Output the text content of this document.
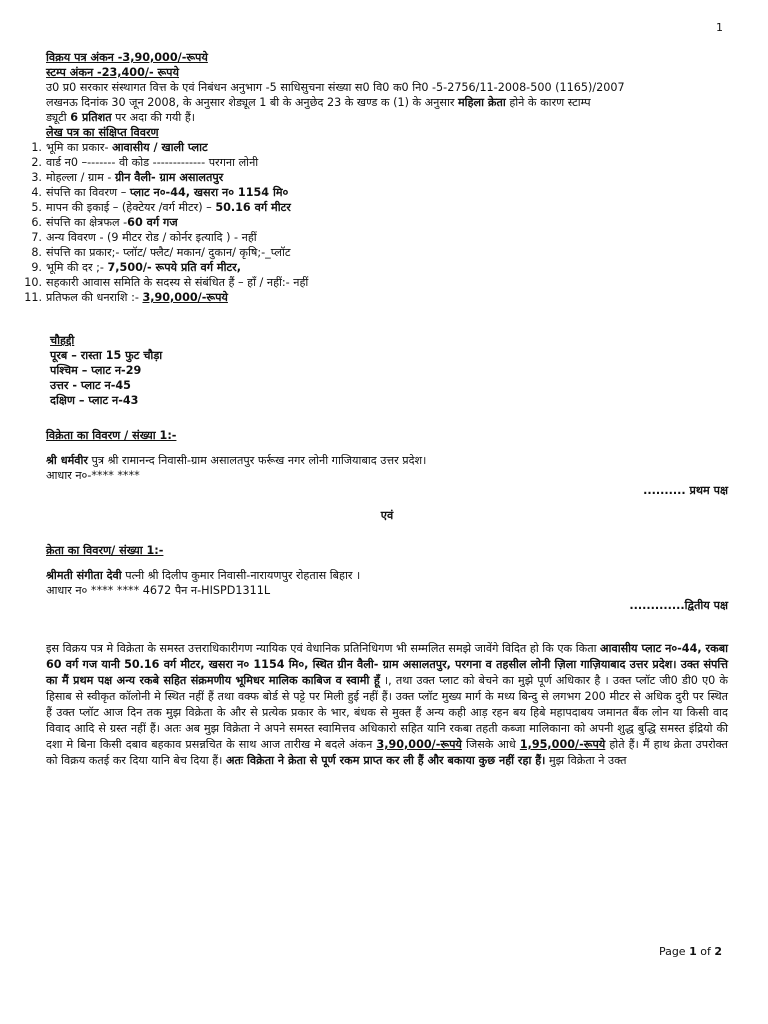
1
विक्रय पत्र अंकन -3,90,000/-रूपये
स्टम्प अंकन -23,400/- रूपये
उ0 प्र0 सरकार संस्थागत वित्त के एवं निबंधन अनुभाग -5 साधिसुचना संख्या स0 वि0 क0 नि0 -5-2756/11-2008-500 (1165)/2007
लखनऊ दिनांक 30 जून 2008, के अनुसार शेड्यूल 1 बी के अनुछेद 23 के खण्ड क (1) के अनुसार महिला क्रेता होने के कारण स्टाम्प
ड्यूटी 6 प्रतिशत पर अदा की गयी हैं।
लेख पत्र का संक्षिप्त विवरण
1. भूमि का प्रकार- आवासीय / खाली प्लाट
2. वार्ड न0 –------- वी कोड ------------- परगना लोनी
3. मोहल्ला / ग्राम - ग्रीन वैली- ग्राम असालतपुर
4. संपत्ति का विवरण – प्लाट न०-44, खसरा न० 1154 मि०
5. मापन की इकाई – (हेक्टेयर /वर्ग मीटर) – 50.16 वर्ग मीटर
6. संपत्ति का क्षेत्रफल -60 वर्ग गज
7. अन्य विवरण - (9 मीटर रोड / कोर्नर इत्यादि ) - नहीं
8. संपत्ति का प्रकार;- प्लॉट/ फ्लैट/ मकान/ दुकान/ कृषि;-_प्लॉट
9. भूमि की दर ;- 7,500/- रूपये प्रति वर्ग मीटर,
10. सहकारी आवास समिति के सदस्य से संबंधित हैं – हाँ / नहीं:- नहीं
11. प्रतिफल की धनराशि :- 3,90,000/-रूपये
चौहद्दी
पूरब – रास्ता 15 फुट चौड़ा
पश्चिम – प्लाट न-29
उत्तर - प्लाट न-45
दक्षिण – प्लाट न-43
विक्रेता का विवरण / संख्या 1:-
श्री धर्मवीर पुत्र श्री रामानन्द निवासी-ग्राम असालतपुर फर्रूख नगर लोनी गाजियाबाद उत्तर प्रदेश।
आधार न०-**** ****
.......... प्रथम पक्ष
एवं
क्रेता का विवरण/ संख्या 1:-
श्रीमती संगीता देवी पत्नी श्री दिलीप कुमार निवासी-नारायणपुर रोहतास बिहार ।
आधार न० **** **** 4672 पैन न-HISPD1311L
.............द्वितीय पक्ष
इस विक्रय पत्र मे विक्रेता के समस्त उत्तराधिकारीगण न्यायिक एवं वेधानिक प्रतिनिधिगण भी सम्मलित समझे जावेंगे विदित हो कि एक किता आवासीय प्लाट न०-44, रकबा 60 वर्ग गज यानी 50.16 वर्ग मीटर, खसरा न० 1154 मि०, स्थित ग्रीन वैली- ग्राम असालतपुर, परगना व तहसील लोनी ज़िला गाज़ियाबाद उत्तर प्रदेश। उक्त संपत्ति का मैं प्रथम पक्ष अन्य रकबे सहित संक्रमणीय भूमिधर मालिक काबिज व स्वामी हूँ ।, तथा उक्त प्लाट को बेचने का मुझे पूर्ण अधिकार है । उक्त प्लॉट जी0 डी0 ए0 के हिसाब से स्वीकृत कॉलोनी मे स्थित नहीं हैं तथा वक्फ बोर्ड से पट्टे पर मिली हुई नहीं हैं। उक्त प्लॉट मुख्य मार्ग के मध्य बिन्दु से लगभग 200 मीटर से अधिक दुरी पर स्थित हैं उक्त प्लॉट आज दिन तक मुझ विक्रेता के और से प्रत्येक प्रकार के भार, बंधक से मुक्त हैं अन्य कही आड़ रहन बय हिबे महापदाबय जमानत बैंक लोन या किसी वाद विवाद आदि से ग्रस्त नहीं हैं। अतः अब मुझ विक्रेता ने अपने समस्त स्वामित्तव अधिकारो सहित यानि रकबा तहती कब्जा मालिकाना को अपनी शुद्ध बुद्धि समस्त इंद्रियो की दशा मे बिना किसी दबाव बहकाव प्रसन्नचित के साथ आज तारीख मे बदले अंकन 3,90,000/-रूपये जिसके आधे 1,95,000/-रूपये होते हैं। मैं हाथ क्रेता उपरोक्त को विक्रय कतई कर दिया यानि बेच दिया हैं। अतः विक्रेता ने क्रेता से पूर्ण रकम प्राप्त कर ली हैं और बकाया कुछ नहीं रहा हैं। मुझ विक्रेता ने उक्त
Page 1 of 2
